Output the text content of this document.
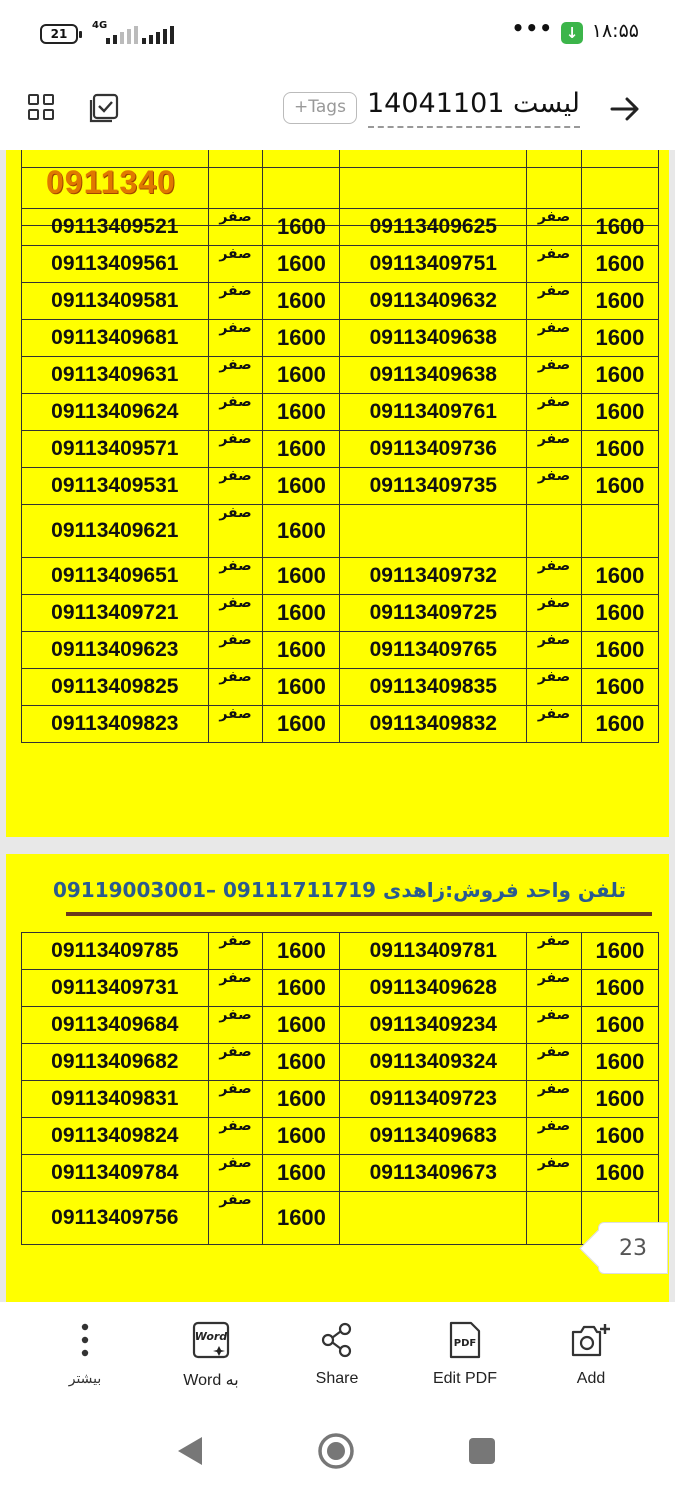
21
4G	••• ↓ ۱۸:۵۵
+Tags لیست 14041101

0911340
09113409521	صفر	1600	09113409625	صفر	1600
09113409561	صفر	1600	09113409751	صفر	1600
09113409581	صفر	1600	09113409632	صفر	1600
09113409681	صفر	1600	09113409638	صفر	1600
09113409631	صفر	1600	09113409638	صفر	1600
09113409624	صفر	1600	09113409761	صفر	1600
09113409571	صفر	1600	09113409736	صفر	1600
09113409531	صفر	1600	09113409735	صفر	1600
09113409621	صفر	1600			
09113409651	صفر	1600	09113409732	صفر	1600
09113409721	صفر	1600	09113409725	صفر	1600
09113409623	صفر	1600	09113409765	صفر	1600
09113409825	صفر	1600	09113409835	صفر	1600
09113409823	صفر	1600	09113409832	صفر	1600
تلفن واحد فروش:زاهدی 09111711719 –09119003001
09113409785	صفر	1600	09113409781	صفر	1600
09113409731	صفر	1600	09113409628	صفر	1600
09113409684	صفر	1600	09113409234	صفر	1600
09113409682	صفر	1600	09113409324	صفر	1600
09113409831	صفر	1600	09113409723	صفر	1600
09113409824	صفر	1600	09113409683	صفر	1600
09113409784	صفر	1600	09113409673	صفر	1600
09113409756	صفر	1600			
23
بیشتر
Word
Word به	Share
PDF
Edit PDF	Add
